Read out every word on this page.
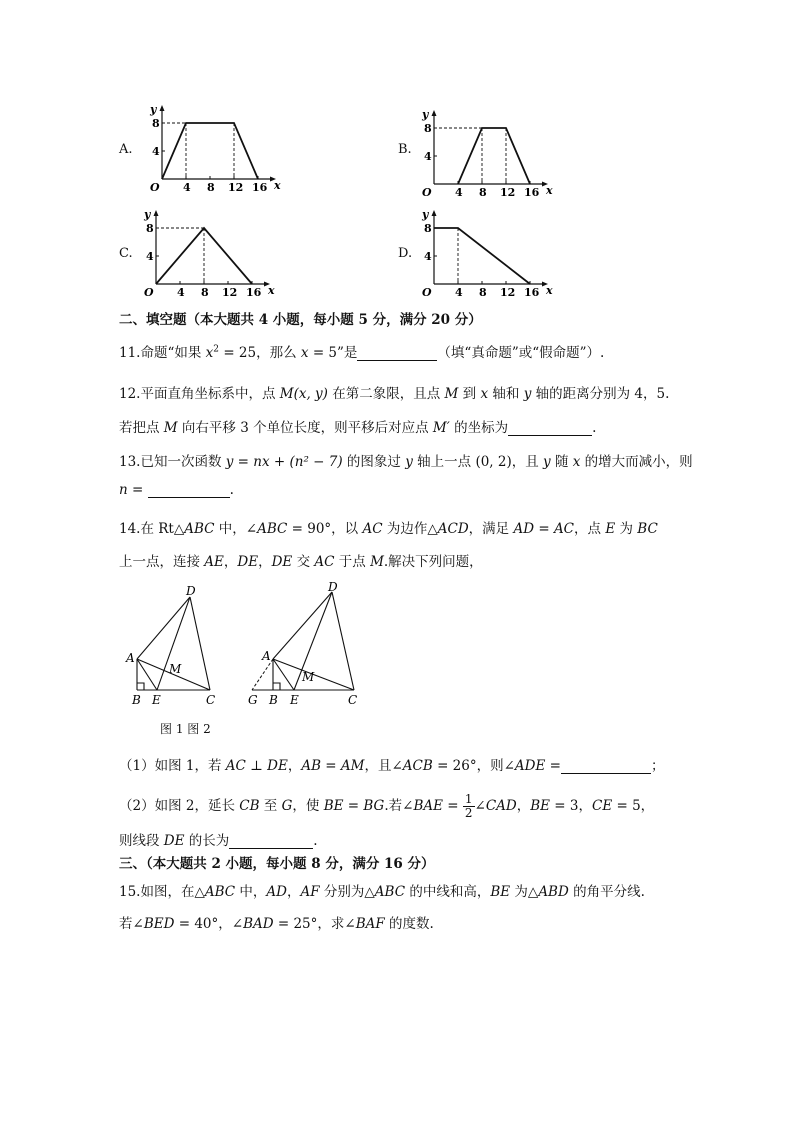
A.
x
y
O 4 8 12 16
4
8
B.
x
y
O 4 8 12 16
4
8
C.
x
y
O 4 8 12 16
4
8
D.
x
y
O 4 8 12 16
4
8
二、填空题（本大题共 4 小题，每小题 5 分，满分 20 分）
11.命题“如果 $x^2 = 25$，那么 x = 5”是	（填“真命题”或“假命题”）.
12.平面直角坐标系中，点 M(x, y) 在第二象限，且点 M 到 x 轴和 y 轴的距离分别为 4，5.
若把点 M 向右平移 3 个单位长度，则平移后对应点 M′ 的坐标为	.
13.已知一次函数 y = nx + (n² − 7) 的图象过 y 轴上一点 (0, 2)，且 y 随 x 的增大而减小，则
n =	.
14.在 Rt△ABC 中，∠ABC = 90°，以 AC 为边作△ACD，满足 AD = AC，点 E 为 BC
上一点，连接 AE，DE，DE 交 AC 于点 M.解决下列问题，
D
A
B E	C
M
D
A
G B E	C
M
图 1 图 2
（1）如图 1，若 AC ⊥ DE，AB = AM，且∠ACB = 26°，则∠ADE =	；
（2）如图 2，延长 CB 至 G，使 BE = BG.若∠BAE = $\frac{1}{2}$ ∠CAD，BE = 3，CE = 5，
则线段 DE 的长为	.
三、（本大题共 2 小题，每小题 8 分，满分 16 分）
15.如图，在△ABC 中，AD，AF 分别为△ABC 的中线和高，BE 为△ABD 的角平分线.
若∠BED = 40°，∠BAD = 25°，求∠BAF 的度数.
